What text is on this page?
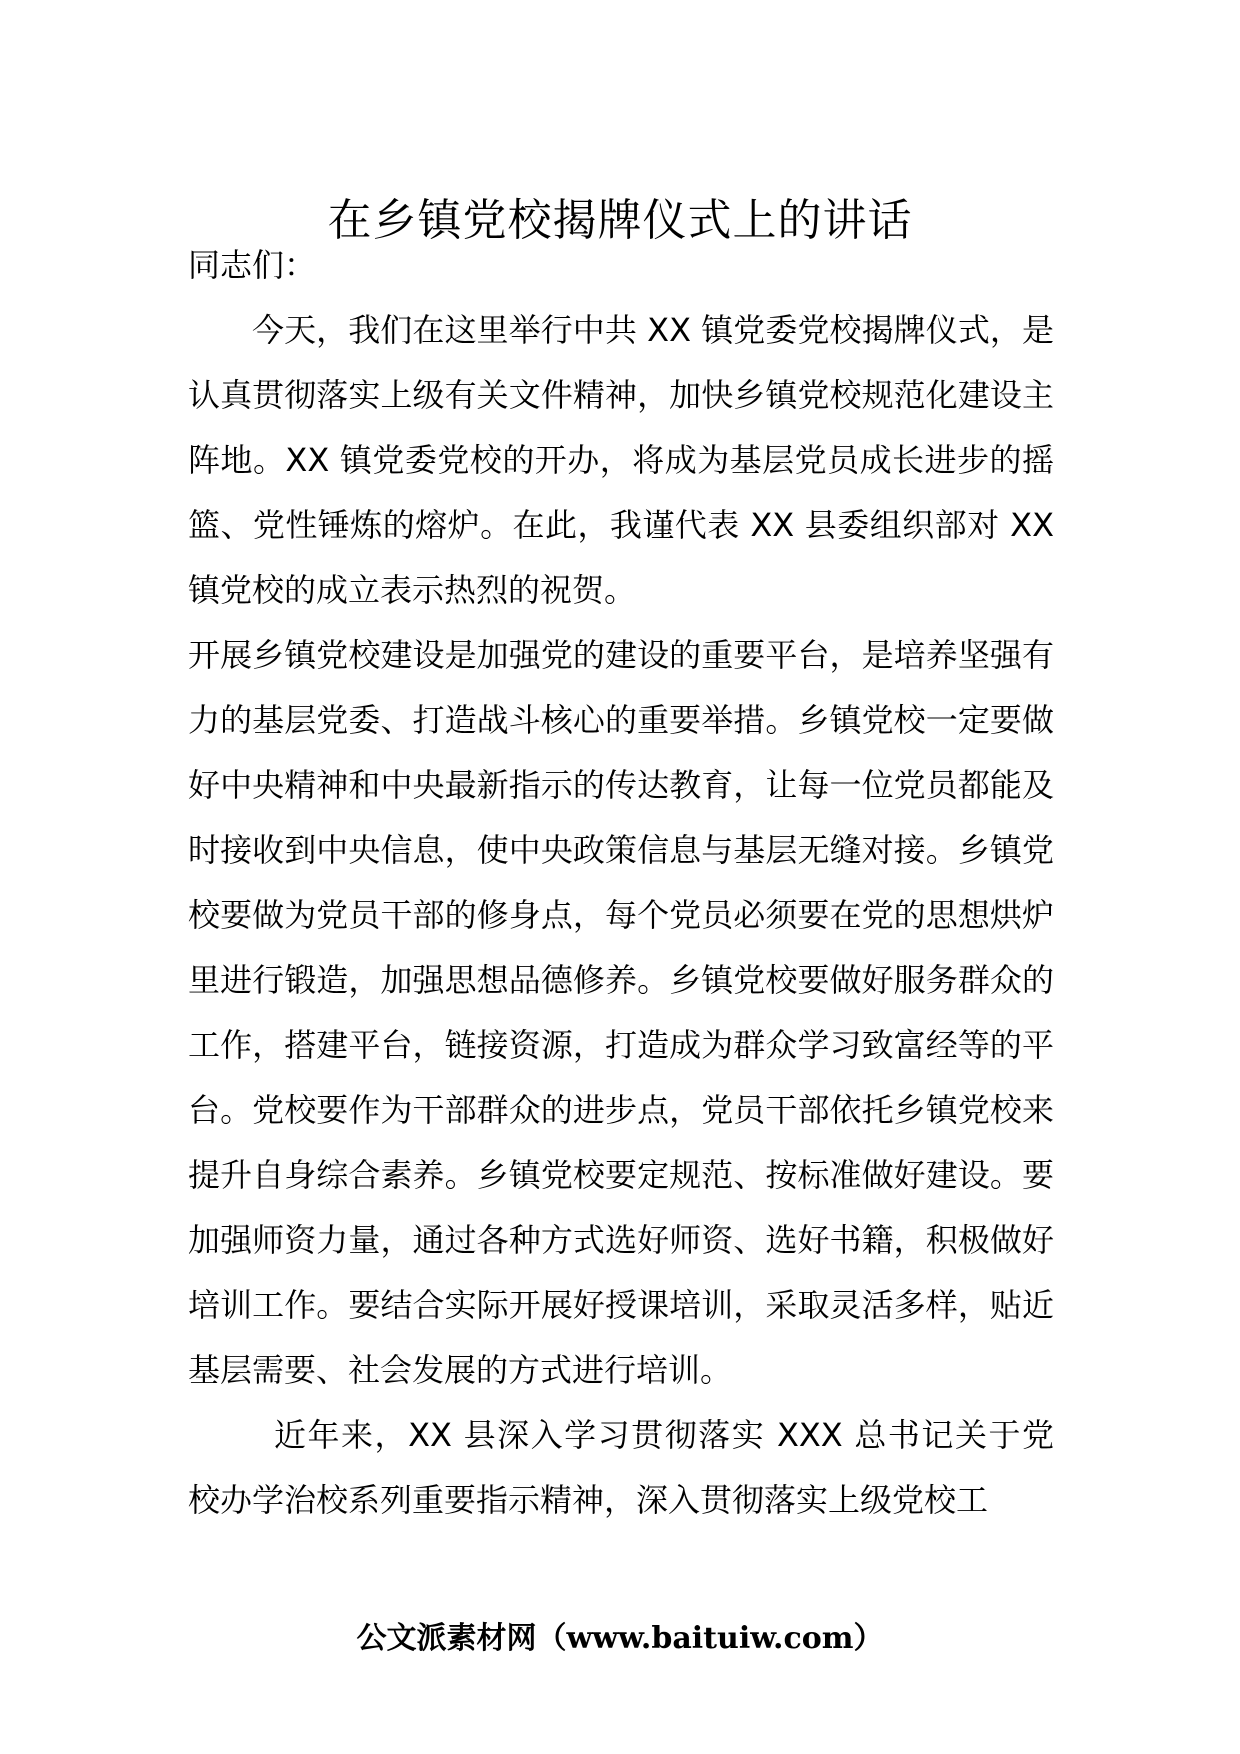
在乡镇党校揭牌仪式上的讲话

同志们：

今天，我们在这里举行中共 XX 镇党委党校揭牌仪式，是认真贯彻落实上级有关文件精神，加快乡镇党校规范化建设主阵地。XX 镇党委党校的开办，将成为基层党员成长进步的摇篮、党性锤炼的熔炉。在此，我谨代表 XX 县委组织部对 XX 镇党校的成立表示热烈的祝贺。

开展乡镇党校建设是加强党的建设的重要平台，是培养坚强有力的基层党委、打造战斗核心的重要举措。乡镇党校一定要做好中央精神和中央最新指示的传达教育，让每一位党员都能及时接收到中央信息，使中央政策信息与基层无缝对接。乡镇党校要做为党员干部的修身点，每个党员必须要在党的思想烘炉里进行锻造，加强思想品德修养。乡镇党校要做好服务群众的工作，搭建平台，链接资源，打造成为群众学习致富经等的平台。党校要作为干部群众的进步点，党员干部依托乡镇党校来提升自身综合素养。乡镇党校要定规范、按标准做好建设。要加强师资力量，通过各种方式选好师资、选好书籍，积极做好培训工作。要结合实际开展好授课培训，采取灵活多样，贴近基层需要、社会发展的方式进行培训。

近年来，XX 县深入学习贯彻落实 XXX 总书记关于党校办学治校系列重要指示精神，深入贯彻落实上级党校工

公文派素材网（www.baituiw.com）
